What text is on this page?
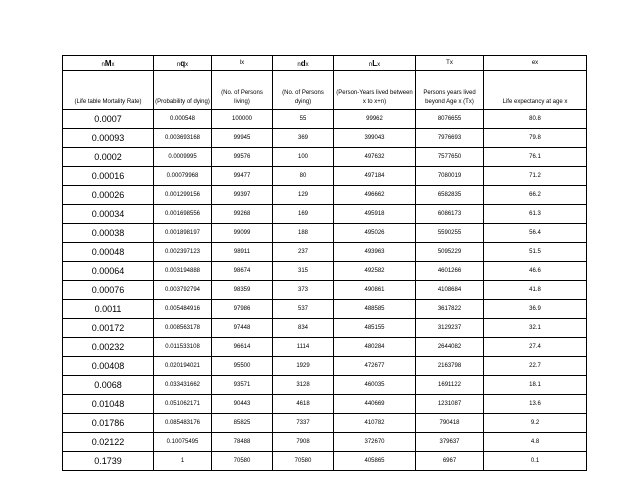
nMx	nqx	lx	ndx	nLx	Tx	ex
(Life table Mortality Rate)	(Probability of dying)	(No. of Persons living)	(No. of Persons dying)	(Person-Years lived between x to x+n)	Persons years lived beyond Age x (Tx)	Life expectancy at age x
0.0007	0.000548	100000	55	99962	8076655	80.8
0.00093	0.003693168	99945	369	399043	7976693	79.8
0.0002	0.0009995	99576	100	497632	7577650	76.1
0.00016	0.00079968	99477	80	497184	7080019	71.2
0.00026	0.001299156	99397	129	496662	6582835	66.2
0.00034	0.001698556	99268	169	495918	6086173	61.3
0.00038	0.001898197	99099	188	495026	5590255	56.4
0.00048	0.002397123	98911	237	493963	5095229	51.5
0.00064	0.003194888	98674	315	492582	4601266	46.6
0.00076	0.003792794	98359	373	490861	4108684	41.8
0.0011	0.005484916	97986	537	488585	3617822	36.9
0.00172	0.008563178	97448	834	485155	3129237	32.1
0.00232	0.011533108	96614	1114	480284	2644082	27.4
0.00408	0.020194021	95500	1929	472677	2163798	22.7
0.0068	0.033431662	93571	3128	460035	1691122	18.1
0.01048	0.051062171	90443	4618	440669	1231087	13.6
0.01786	0.085483176	85825	7337	410782	790418	9.2
0.02122	0.10075495	78488	7908	372670	379637	4.8
0.1739	1	70580	70580	405865	6967	0.1
